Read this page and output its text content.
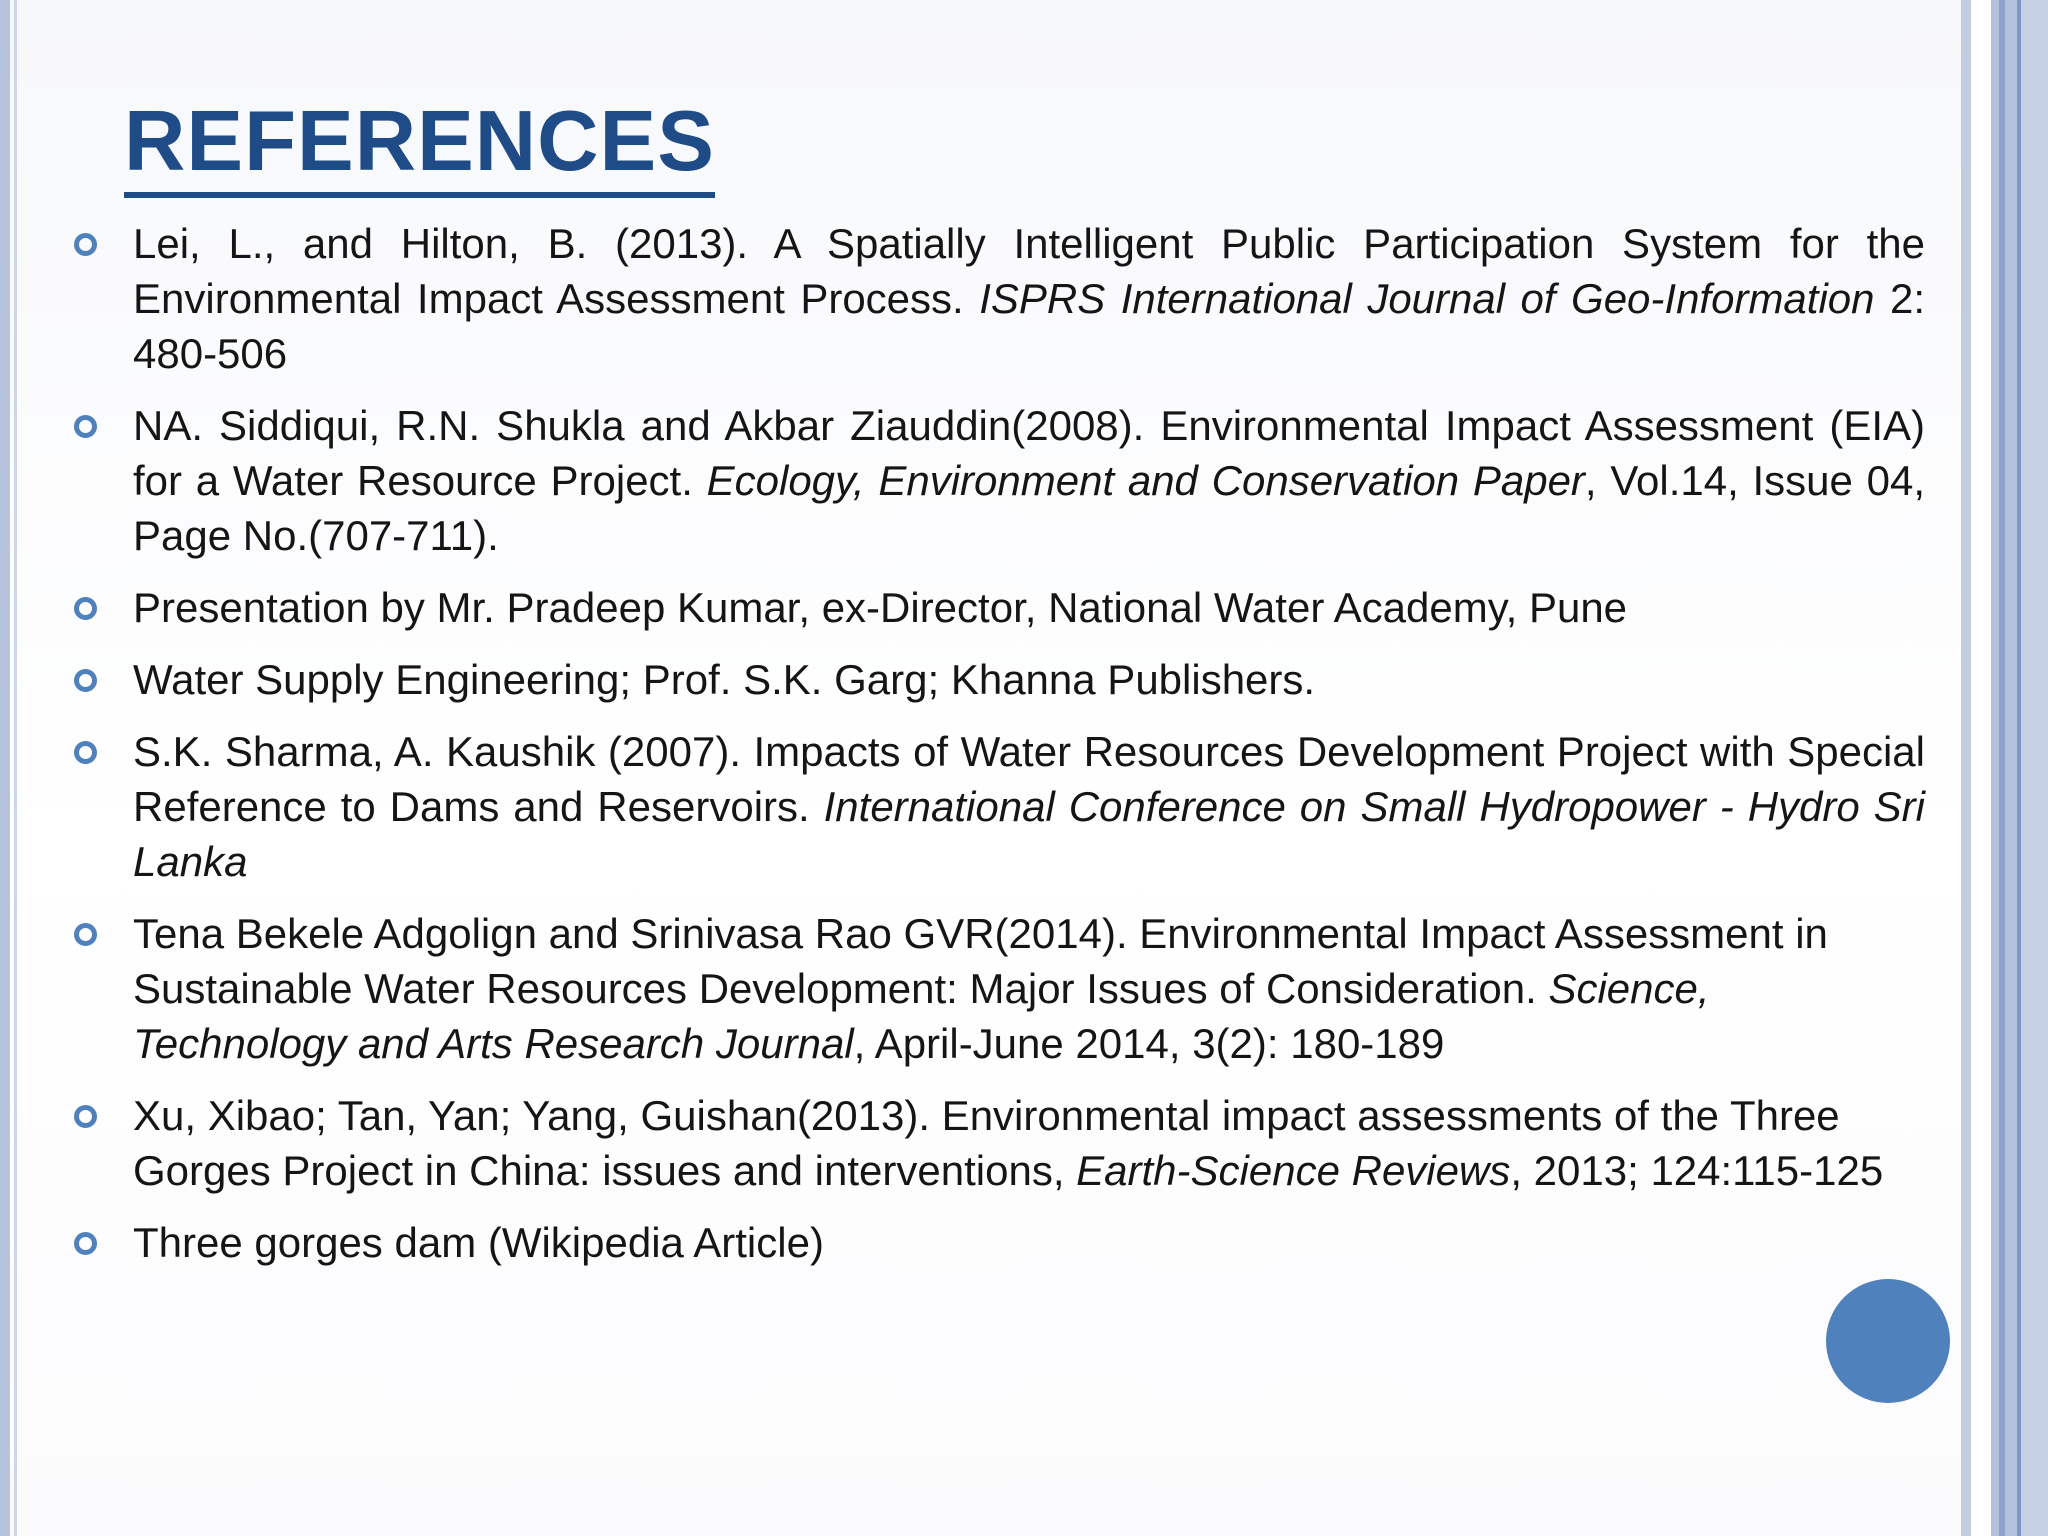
REFERENCES
Lei, L., and Hilton, B. (2013). A Spatially Intelligent Public Participation System for the Environmental Impact Assessment Process. ISPRS International Journal of Geo-Information 2: 480-506
NA. Siddiqui, R.N. Shukla and Akbar Ziauddin(2008). Environmental Impact Assessment (EIA) for a Water Resource Project. Ecology, Environment and Conservation Paper, Vol.14, Issue 04, Page No.(707-711).
Presentation by Mr. Pradeep Kumar, ex-Director, National Water Academy, Pune
Water Supply Engineering; Prof. S.K. Garg; Khanna Publishers.
S.K. Sharma, A. Kaushik (2007). Impacts of Water Resources Development Project with Special Reference to Dams and Reservoirs. International Conference on Small Hydropower - Hydro Sri Lanka
Tena Bekele Adgolign and Srinivasa Rao GVR(2014). Environmental Impact Assessment in Sustainable Water Resources Development: Major Issues of Consideration. Science, Technology and Arts Research Journal, April-June 2014, 3(2): 180-189
Xu, Xibao; Tan, Yan; Yang, Guishan(2013). Environmental impact assessments of the Three Gorges Project in China: issues and interventions, Earth-Science Reviews, 2013; 124:115-125
Three gorges dam (Wikipedia Article)
